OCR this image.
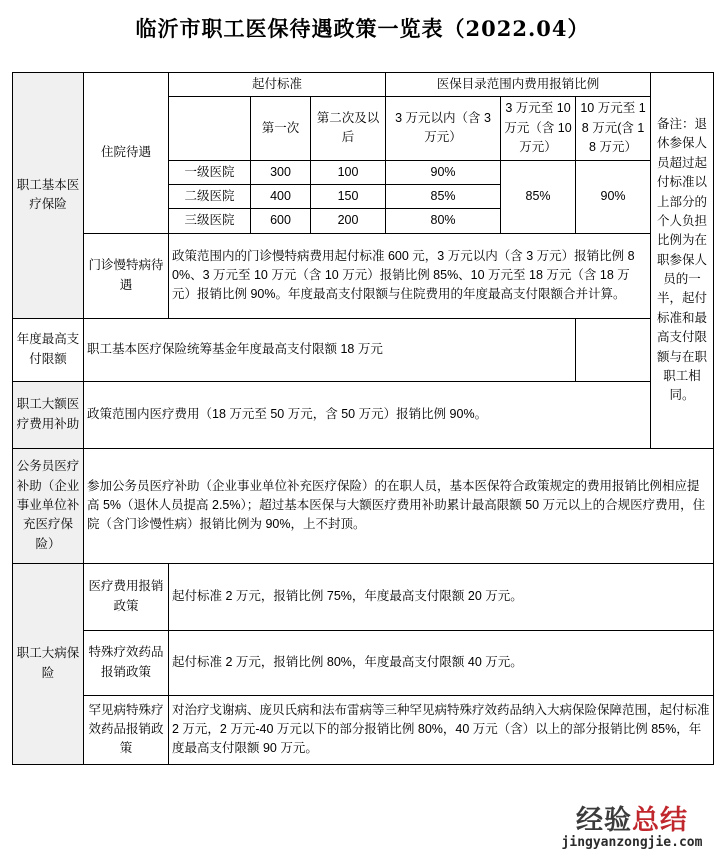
临沂市职工医保待遇政策一览表（2022.04）
职工基本医疗保险	住院待遇	起付标准			医保目录范围内费用报销比例			备注：退休参保人员超过起付标准以上部分的个人负担比例为在职参保人员的一半，起付标准和最高支付限额与在职职工相同。
			第一次	第二次及以后	3 万元以内（含 3 万元）	3 万元至 10 万元（含 10 万元）	10 万元至 18 万元(含 18 万元）	
		一级医院	300	100	90%	85%	90%	
		二级医院	400	150	85%			
		三级医院	600	200	80%			
	门诊慢特病待遇	政策范围内的门诊慢特病费用起付标准 600 元，3 万元以内（含 3 万元）报销比例 80%、3 万元至 10 万元（含 10 万元）报销比例 85%、10 万元至 18 万元（含 18 万元）报销比例 90%。年度最高支付限额与住院费用的年度最高支付限额合并计算。						
年度最高支付限额	职工基本医疗保险统筹基金年度最高支付限额 18 万元							
职工大额医疗费用补助	政策范围内医疗费用（18 万元至 50 万元，含 50 万元）报销比例 90%。							
公务员医疗补助（企业事业单位补充医疗保险）	参加公务员医疗补助（企业事业单位补充医疗保险）的在职人员，基本医保符合政策规定的费用报销比例相应提高 5%（退休人员提高 2.5%）；超过基本医保与大额医疗费用补助累计最高限额 50 万元以上的合规医疗费用，住院（含门诊慢性病）报销比例为 90%，上不封顶。							
职工大病保险	医疗费用报销政策	起付标准 2 万元，报销比例 75%，年度最高支付限额 20 万元。						
	特殊疗效药品报销政策	起付标准 2 万元，报销比例 80%，年度最高支付限额 40 万元。						
	罕见病特殊疗效药品报销政策	对治疗戈谢病、庞贝氏病和法布雷病等三种罕见病特殊疗效药品纳入大病保险保障范围，起付标准 2 万元，2 万元-40 万元以下的部分报销比例 80%，40 万元（含）以上的部分报销比例 85%，年度最高支付限额 90 万元。						
经验总结
jingyanzongjie.com
